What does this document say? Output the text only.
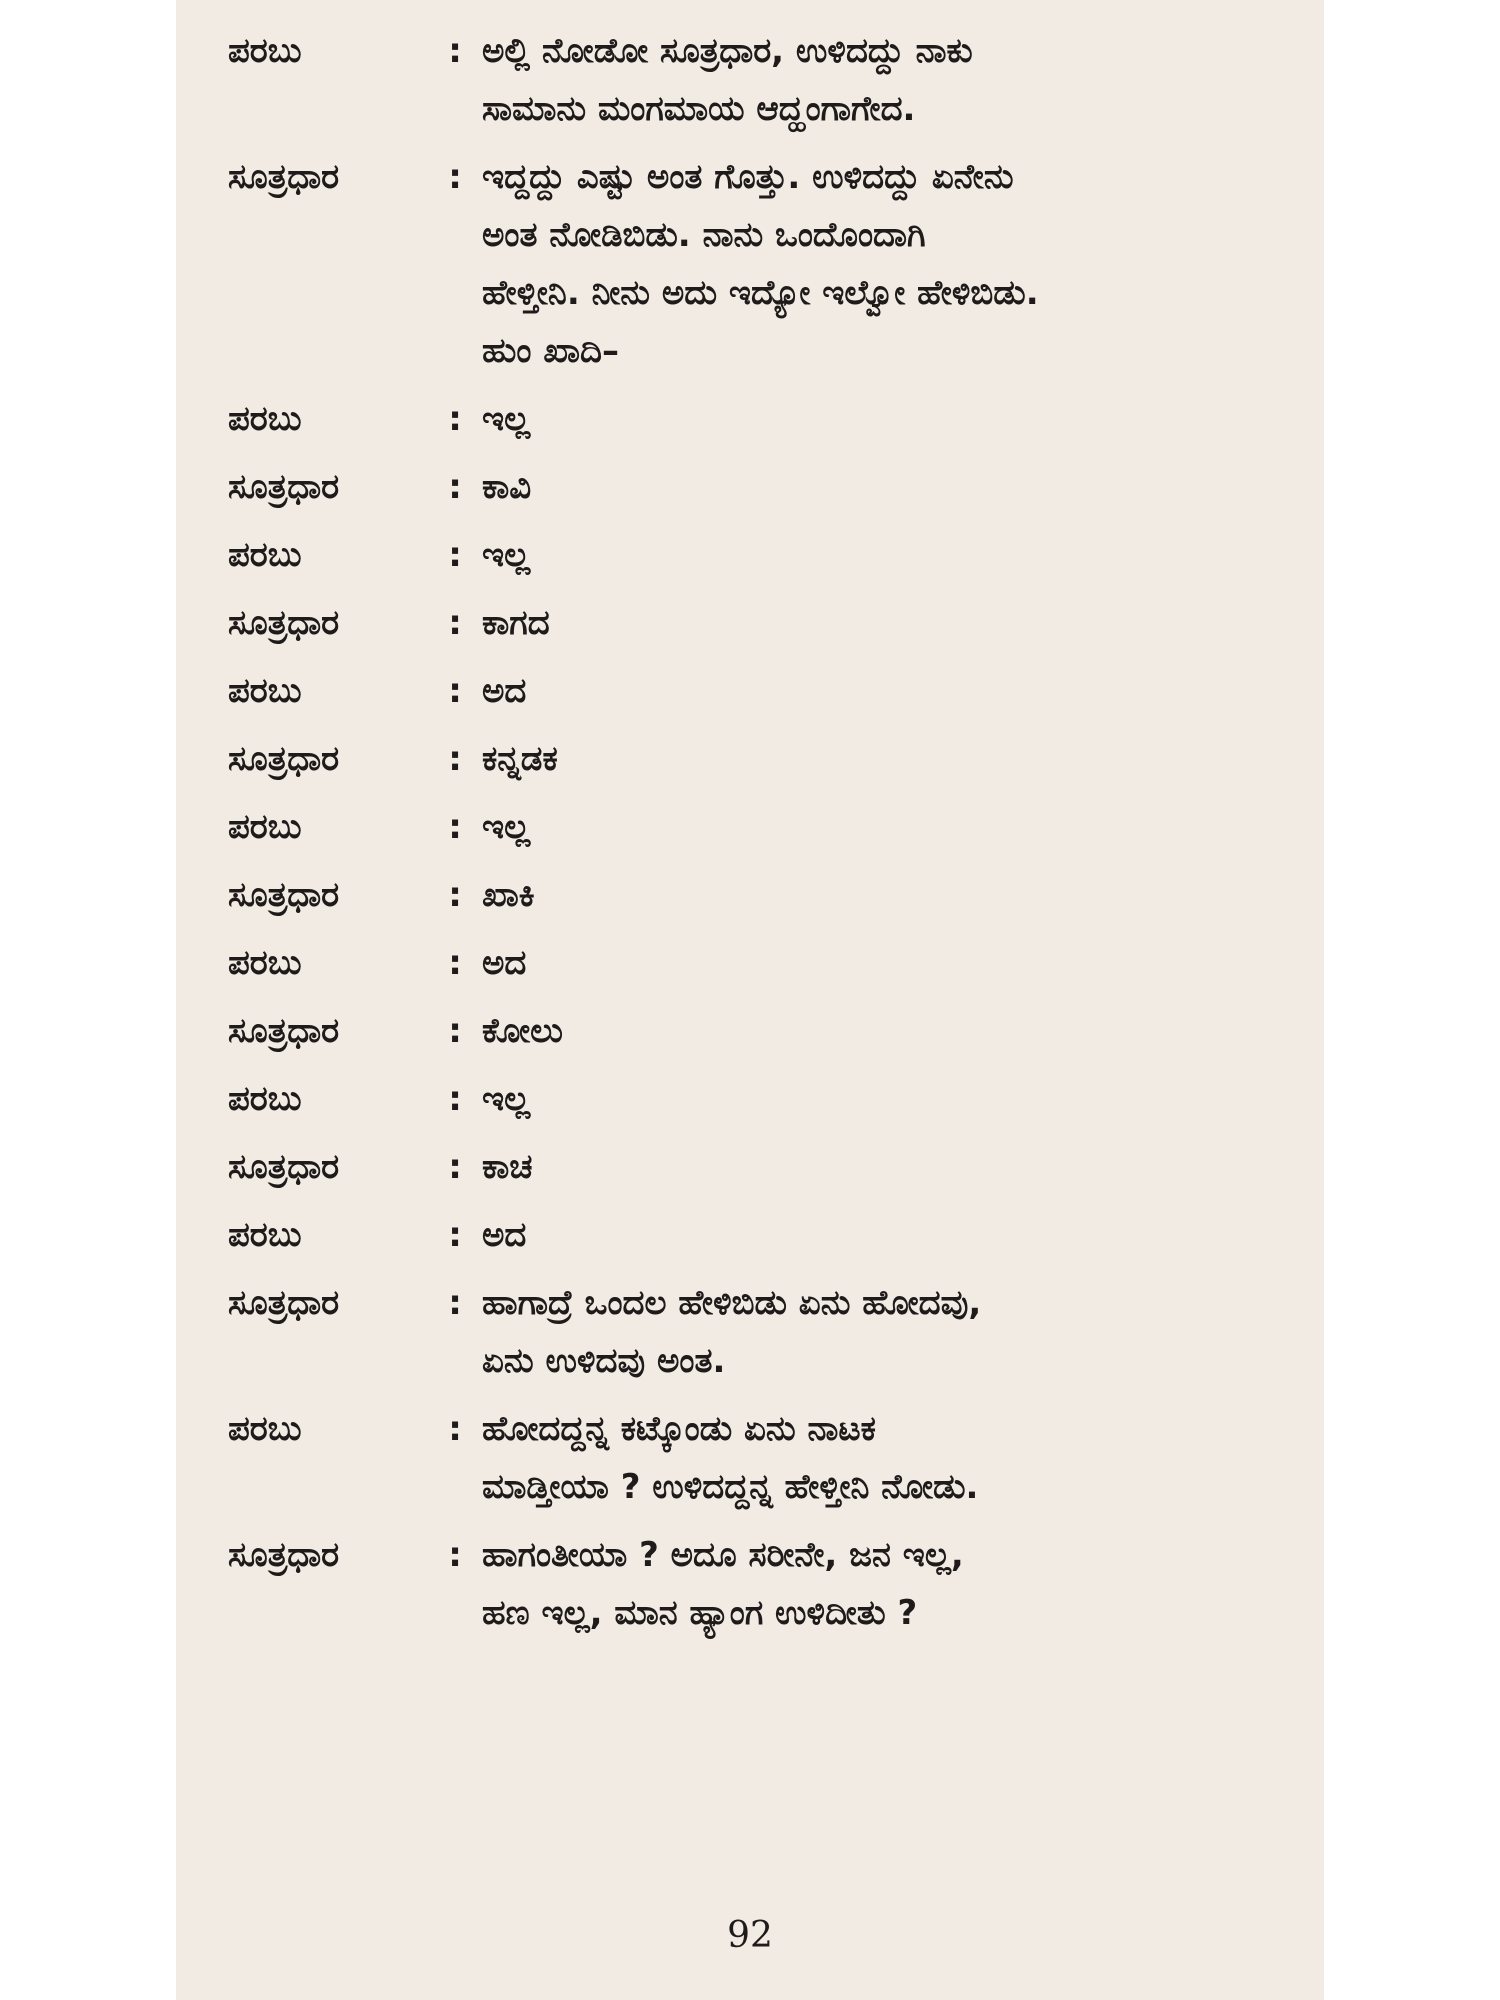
ಪರಬು	: ಅಲ್ಲಿ ನೋಡೋ ಸೂತ್ರಧಾರ, ಉಳಿದದ್ದು ನಾಕು
ಸಾಮಾನು ಮಂಗಮಾಯ ಆದ್ಹಂಗಾಗೇದ.
ಸೂತ್ರಧಾರ	: ಇದ್ದದ್ದು ಎಷ್ಟು ಅಂತ ಗೊತ್ತು. ಉಳಿದದ್ದು ಏನೇನು
ಅಂತ ನೋಡಿಬಿಡು. ನಾನು ಒಂದೊಂದಾಗಿ
ಹೇಳ್ತೀನಿ. ನೀನು ಅದು ಇದ್ಯೋ ಇಲ್ವೋ ಹೇಳಿಬಿಡು.
ಹುಂ ಖಾದಿ–
ಪರಬು	: ಇಲ್ಲ
ಸೂತ್ರಧಾರ	: ಕಾವಿ
ಪರಬು	: ಇಲ್ಲ
ಸೂತ್ರಧಾರ	: ಕಾಗದ
ಪರಬು	: ಅದ
ಸೂತ್ರಧಾರ	: ಕನ್ನಡಕ
ಪರಬು	: ಇಲ್ಲ
ಸೂತ್ರಧಾರ	: ಖಾಕಿ
ಪರಬು	: ಅದ
ಸೂತ್ರಧಾರ	: ಕೋಲು
ಪರಬು	: ಇಲ್ಲ
ಸೂತ್ರಧಾರ	: ಕಾಚ
ಪರಬು	: ಅದ
ಸೂತ್ರಧಾರ	: ಹಾಗಾದ್ರೆ ಒಂದಲ ಹೇಳಿಬಿಡು ಏನು ಹೋದವು,
ಏನು ಉಳಿದವು ಅಂತ.
ಪರಬು	: ಹೋದದ್ದನ್ನ ಕಟ್ಕೊಂಡು ಏನು ನಾಟಕ
ಮಾಡ್ತೀಯಾ ? ಉಳಿದದ್ದನ್ನ ಹೇಳ್ತೀನಿ ನೋಡು.
ಸೂತ್ರಧಾರ	: ಹಾಗಂತೀಯಾ ? ಅದೂ ಸರೀನೇ, ಜನ ಇಲ್ಲ,
ಹಣ ಇಲ್ಲ, ಮಾನ ಹ್ಯಾಂಗ ಉಳಿದೀತು ?
92
